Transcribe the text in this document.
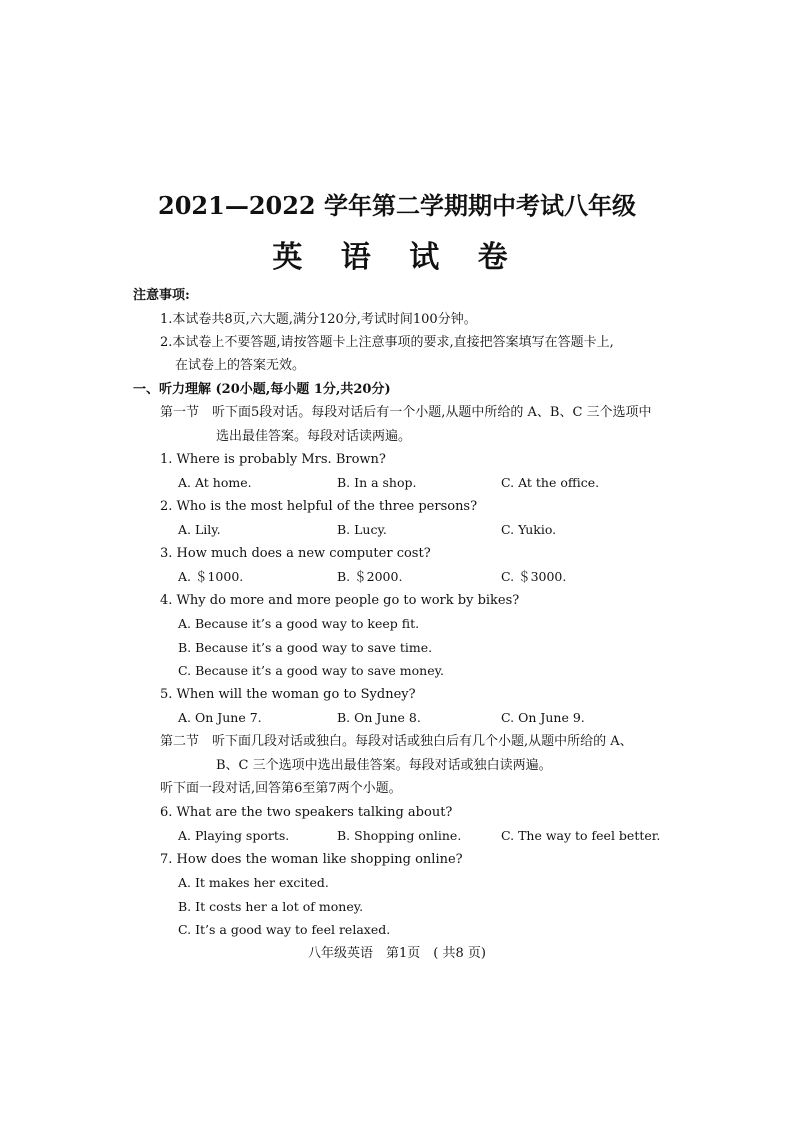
2021—2022 学年第二学期期中考试八年级
英 语 试 卷
注意事项:
1.本试卷共8页,六大题,满分120分,考试时间100分钟。
2.本试卷上不要答题,请按答题卡上注意事项的要求,直接把答案填写在答题卡上,
在试卷上的答案无效。
一、听力理解 (20小题,每小题 1分,共20分)
第一节　听下面5段对话。每段对话后有一个小题,从题中所给的 A、B、C 三个选项中
选出最佳答案。每段对话读两遍。
1. Where is probably Mrs. Brown?
A. At home.	B. In a shop.	C. At the office.
2. Who is the most helpful of the three persons?
A. Lily.	B. Lucy.	C. Yukio.
3. How much does a new computer cost?
A. ＄1000.	B. ＄2000.	C. ＄3000.
4. Why do more and more people go to work by bikes?
A. Because it’s a good way to keep fit.
B. Because it’s a good way to save time.
C. Because it’s a good way to save money.
5. When will the woman go to Sydney?
A. On June 7.	B. On June 8.	C. On June 9.
第二节　听下面几段对话或独白。每段对话或独白后有几个小题,从题中所给的 A、
B、C 三个选项中选出最佳答案。每段对话或独白读两遍。
听下面一段对话,回答第6至第7两个小题。
6. What are the two speakers talking about?
A. Playing sports.	B. Shopping online.	C. The way to feel better.
7. How does the woman like shopping online?
A. It makes her excited.
B. It costs her a lot of money.
C. It’s a good way to feel relaxed.
八年级英语　第1页　( 共8 页)
